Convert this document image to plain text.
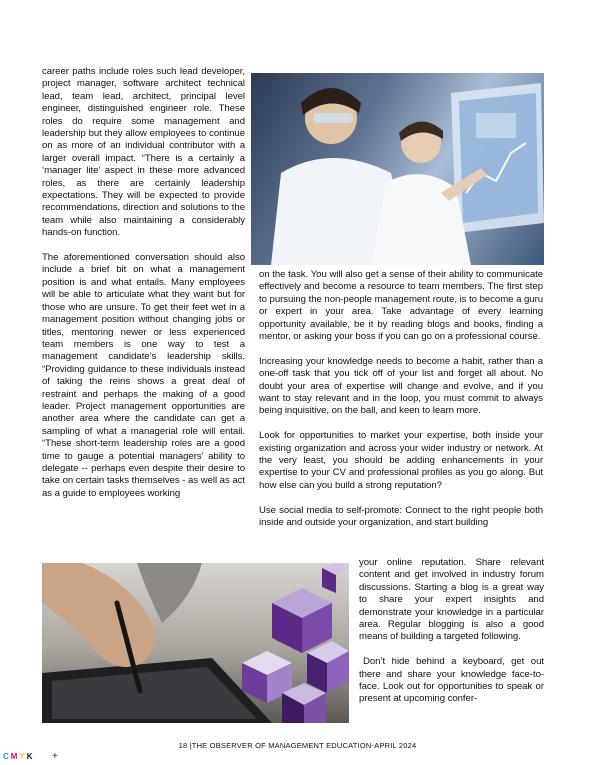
career paths include roles such lead developer, project manager, software architect technical lead, team lead, architect, principal level engineer, distinguished engineer role. These roles do require some management and leadership but they allow employees to continue on as more of an individual contributor with a larger overall impact. “There is a certainly a ‘manager lite’ aspect in these more advanced roles, as there are certainly leadership expectations. They will be expected to provide recommendations, direction and solutions to the team while also maintaining a considerably hands-on function.

The aforementioned conversation should also include a brief bit on what a management position is and what entails. Many employees will be able to articulate what they want but for those who are unsure. To get their feet wet in a management position without changing jobs or titles, mentoring newer or less experienced team members is one way to test a management candidate’s leadership skills. “Providing guidance to these individuals instead of taking the reins shows a great deal of restraint and perhaps the making of a good leader. Project management opportunities are another area where the candidate can get a sampling of what a managerial role will entail. “These short-term leadership roles are a good time to gauge a potential managers’ ability to delegate -- perhaps even despite their desire to take on certain tasks themselves - as well as act as a guide to employees working

on the task. You will also get a sense of their ability to communicate effectively and become a resource to team members. The first step to pursuing the non-people management route, is to become a guru or expert in your area. Take advantage of every learning opportunity available, be it by reading blogs and books, finding a mentor, or asking your boss if you can go on a professional course.

Increasing your knowledge needs to become a habit, rather than a one-off task that you tick off of your list and forget all about. No doubt your area of expertise will change and evolve, and if you want to stay relevant and in the loop, you must commit to always being inquisitive, on the ball, and keen to learn more.

Look for opportunities to market your expertise, both inside your existing organization and across your wider industry or network. At the very least, you should be adding enhancements in your expertise to your CV and professional profiles as you go along. But how else can you build a strong reputation?

Use social media to self-promote: Connect to the right people both inside and outside your organization, and start building

your online reputation. Share relevant content and get involved in industry forum discussions. Starting a blog is a great way to share your expert insights and demonstrate your knowledge in a particular area. Regular blogging is also a good means of building a targeted following.

Don’t hide behind a keyboard, get out there and share your knowledge face-to-face. Look out for opportunities to speak or present at upcoming confer-

18 |THE OBSERVER OF MANAGEMENT EDUCATION-APRIL 2024
CMYK +
